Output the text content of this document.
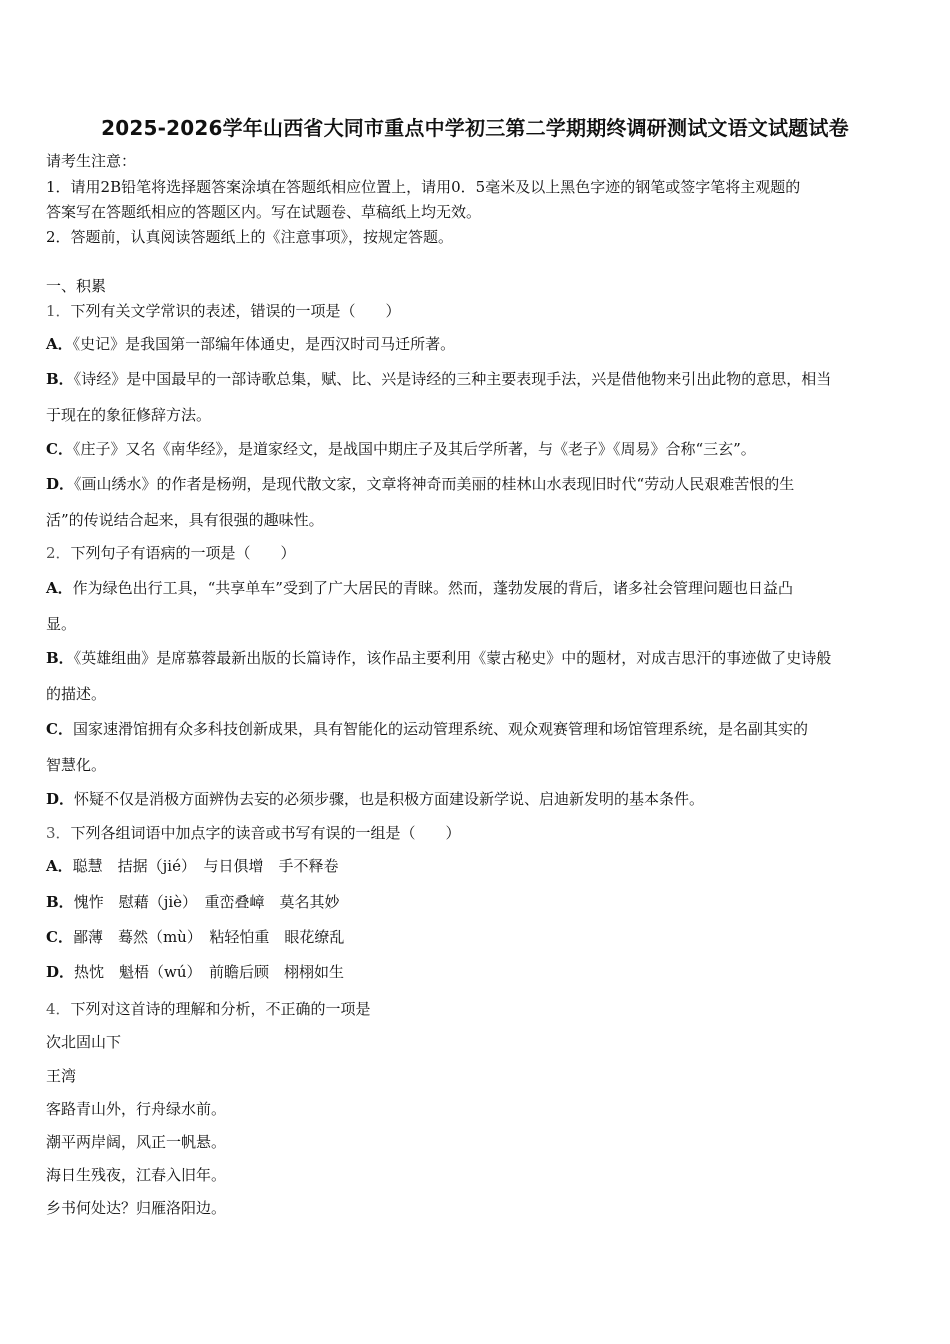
2025-2026学年山西省大同市重点中学初三第二学期期终调研测试文语文试题试卷
请考生注意：
1．请用2B铅笔将选择题答案涂填在答题纸相应位置上，请用0．5毫米及以上黑色字迹的钢笔或签字笔将主观题的
答案写在答题纸相应的答题区内。写在试题卷、草稿纸上均无效。
2．答题前，认真阅读答题纸上的《注意事项》，按规定答题。
一、积累
1．下列有关文学常识的表述，错误的一项是（　　）
A．《史记》是我国第一部编年体通史，是西汉时司马迁所著。
B．《诗经》是中国最早的一部诗歌总集，赋、比、兴是诗经的三种主要表现手法，兴是借他物来引出此物的意思，相当
于现在的象征修辞方法。
C．《庄子》又名《南华经》，是道家经文，是战国中期庄子及其后学所著，与《老子》《周易》合称“三玄”。
D．《画山绣水》的作者是杨朔，是现代散文家，文章将神奇而美丽的桂林山水表现旧时代“劳动人民艰难苦恨的生
活”的传说结合起来，具有很强的趣味性。
2．下列句子有语病的一项是（　　）
A．作为绿色出行工具，“共享单车”受到了广大居民的青睐。然而，蓬勃发展的背后，诸多社会管理问题也日益凸
显。
B．《英雄组曲》是席慕蓉最新出版的长篇诗作，该作品主要利用《蒙古秘史》中的题材，对成吉思汗的事迹做了史诗般
的描述。
C．国家速滑馆拥有众多科技创新成果，具有智能化的运动管理系统、观众观赛管理和场馆管理系统，是名副其实的
智慧化。
D．怀疑不仅是消极方面辨伪去妄的必须步骤，也是积极方面建设新学说、启迪新发明的基本条件。
3．下列各组词语中加点字的读音或书写有误的一组是（　　）
A．聪慧　拮据（jié）　与日俱增　手不释卷
B．愧怍　慰藉（jiè）　重峦叠嶂　莫名其妙
C．鄙薄　蓦然（mù）　粘轻怕重　眼花缭乱
D．热忱　魁梧（wú）　前瞻后顾　栩栩如生
4．下列对这首诗的理解和分析，不正确的一项是
次北固山下
王湾
客路青山外，行舟绿水前。
潮平两岸阔，风正一帆悬。
海日生残夜，江春入旧年。
乡书何处达？归雁洛阳边。
